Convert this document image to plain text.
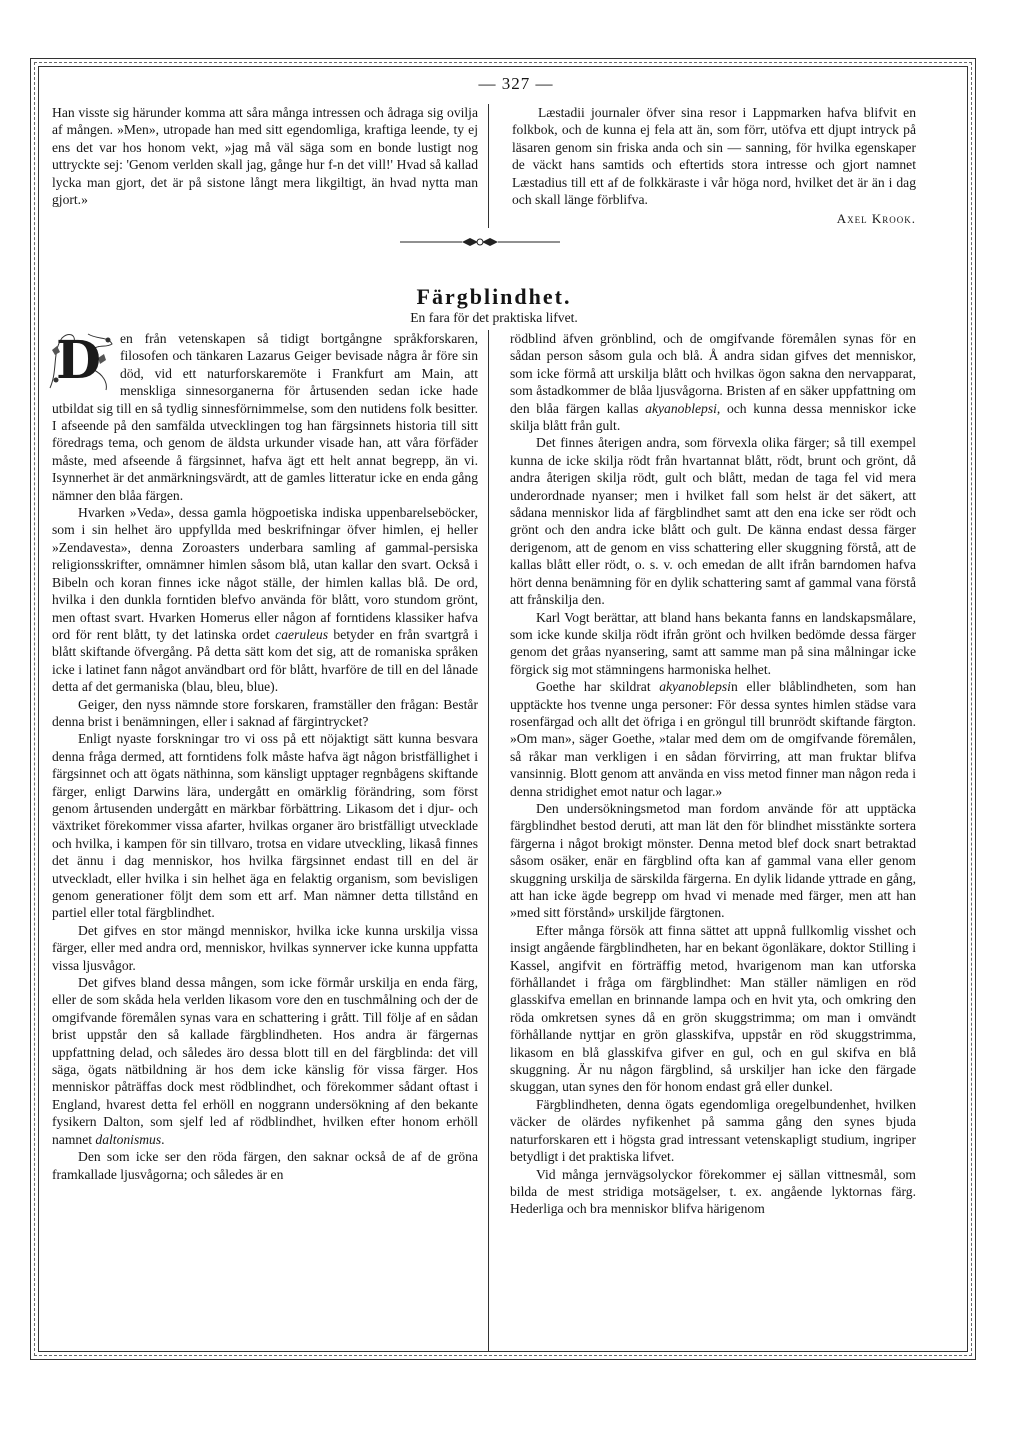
— 327 —

Han visste sig härunder komma att såra många intressen och ådraga sig ovilja af mången. »Men», utropade han med sitt egendomliga, kraftiga leende, ty ej ens det var hos honom vekt, »jag må väl säga som en bonde lustigt nog uttryckte sej: 'Genom verlden skall jag, gånge hur f-n det vill!' Hvad så kallad lycka man gjort, det är på sistone långt mera likgiltigt, än hvad nytta man gjort.»

Læstadii journaler öfver sina resor i Lappmarken hafva blifvit en folkbok, och de kunna ej fela att än, som förr, utöfva ett djupt intryck på läsaren genom sin friska anda och sin — sanning, för hvilka egenskaper de väckt hans samtids och eftertids stora intresse och gjort namnet Læstadius till ett af de folkkäraste i vår höga nord, hvilket det är än i dag och skall länge förblifva.

Axel Krook.
Färgblindhet.
En fara för det praktiska lifvet.

D en från vetenskapen så tidigt bortgångne språkforskaren, filosofen och tänkaren Lazarus Geiger bevisade några år före sin död, vid ett naturforskaremöte i Frankfurt am Main, att menskliga sinnesorganerna för årtusenden sedan icke hade utbildat sig till en så tydlig sinnesförnimmelse, som den nutidens folk besitter. I afseende på den samfälda utvecklingen tog han färgsinnets historia till sitt föredrags tema, och genom de äldsta urkunder visade han, att våra förfäder måste, med afseende å färgsinnet, hafva ägt ett helt annat begrepp, än vi. Isynnerhet är det anmärkningsvärdt, att de gamles litteratur icke en enda gång nämner den blåa färgen.

Hvarken »Veda», dessa gamla högpoetiska indiska uppenbarelseböcker, som i sin helhet äro uppfyllda med beskrifningar öfver himlen, ej heller »Zendavesta», denna Zoroasters underbara samling af gammal-persiska religionsskrifter, omnämner himlen såsom blå, utan kallar den svart. Också i Bibeln och koran finnes icke något ställe, der himlen kallas blå. De ord, hvilka i den dunkla forntiden blefvo använda för blått, voro stundom grönt, men oftast svart. Hvarken Homerus eller någon af forntidens klassiker hafva ord för rent blått, ty det latinska ordet caeruleus betyder en från svartgrå i blått skiftande öfvergång. På detta sätt kom det sig, att de romaniska språken icke i latinet fann något användbart ord för blått, hvarföre de till en del lånade detta af det germaniska (blau, bleu, blue).

Geiger, den nyss nämnde store forskaren, framställer den frågan: Består denna brist i benämningen, eller i saknad af färgintrycket?

Enligt nyaste forskningar tro vi oss på ett nöjaktigt sätt kunna besvara denna fråga dermed, att forntidens folk måste hafva ägt någon bristfällighet i färgsinnet och att ögats näthinna, som känsligt upptager regnbågens skiftande färger, enligt Darwins lära, undergått en omärklig förändring, som först genom årtusenden undergått en märkbar förbättring. Likasom det i djur- och växtriket förekommer vissa afarter, hvilkas organer äro bristfälligt utvecklade och hvilka, i kampen för sin tillvaro, trotsa en vidare utveckling, likaså finnes det ännu i dag menniskor, hos hvilka färgsinnet endast till en del är utveckladt, eller hvilka i sin helhet äga en felaktig organism, som bevisligen genom generationer följt dem som ett arf. Man nämner detta tillstånd en partiel eller total färgblindhet.

Det gifves en stor mängd menniskor, hvilka icke kunna urskilja vissa färger, eller med andra ord, menniskor, hvilkas synnerver icke kunna uppfatta vissa ljusvågor.

Det gifves bland dessa mången, som icke förmår urskilja en enda färg, eller de som skåda hela verlden likasom vore den en tuschmålning och der de omgifvande föremålen synas vara en schattering i grått. Till följe af en sådan brist uppstår den så kallade färgblindheten. Hos andra är färgernas uppfattning delad, och således äro dessa blott till en del färgblinda: det vill säga, ögats nätbildning är hos dem icke känslig för vissa färger. Hos menniskor påträffas dock mest rödblindhet, och förekommer sådant oftast i England, hvarest detta fel erhöll en noggrann undersökning af den bekante fysikern Dalton, som sjelf led af rödblindhet, hvilken efter honom erhöll namnet daltonismus.

Den som icke ser den röda färgen, den saknar också de af de gröna framkallade ljusvågorna; och således är en

rödblind äfven grönblind, och de omgifvande föremålen synas för en sådan person såsom gula och blå. Å andra sidan gifves det menniskor, som icke förmå att urskilja blått och hvilkas ögon sakna den nervapparat, som åstadkommer de blåa ljusvågorna. Bristen af en säker uppfattning om den blåa färgen kallas akyanoblepsi, och kunna dessa menniskor icke skilja blått från gult.

Det finnes återigen andra, som förvexla olika färger; så till exempel kunna de icke skilja rödt från hvartannat blått, rödt, brunt och grönt, då andra återigen skilja rödt, gult och blått, medan de taga fel vid mera underordnade nyanser; men i hvilket fall som helst är det säkert, att sådana menniskor lida af färgblindhet samt att den ena icke ser rödt och grönt och den andra icke blått och gult. De känna endast dessa färger derigenom, att de genom en viss schattering eller skuggning förstå, att de kallas blått eller rödt, o. s. v. och emedan de allt ifrån barndomen hafva hört denna benämning för en dylik schattering samt af gammal vana förstå att frånskilja den.

Karl Vogt berättar, att bland hans bekanta fanns en landskapsmålare, som icke kunde skilja rödt ifrån grönt och hvilken bedömde dessa färger genom det gråas nyansering, samt att samme man på sina målningar icke förgick sig mot stämningens harmoniska helhet.

Goethe har skildrat akyanoblepsin eller blåblindheten, som han upptäckte hos tvenne unga personer: För dessa syntes himlen städse vara rosenfärgad och allt det öfriga i en gröngul till brunrödt skiftande färgton. »Om man», säger Goethe, »talar med dem om de omgifvande föremålen, så råkar man verkligen i en sådan förvirring, att man fruktar blifva vansinnig. Blott genom att använda en viss metod finner man någon reda i denna stridighet emot natur och lagar.»

Den undersökningsmetod man fordom använde för att upptäcka färgblindhet bestod deruti, att man lät den för blindhet misstänkte sortera färgerna i något brokigt mönster. Denna metod blef dock snart betraktad såsom osäker, enär en färgblind ofta kan af gammal vana eller genom skuggning urskilja de särskilda färgerna. En dylik lidande yttrade en gång, att han icke ägde begrepp om hvad vi menade med färger, men att han »med sitt förstånd» urskiljde färgtonen.

Efter många försök att finna sättet att uppnå fullkomlig visshet och insigt angående färgblindheten, har en bekant ögonläkare, doktor Stilling i Kassel, angifvit en förträffig metod, hvarigenom man kan utforska förhållandet i fråga om färgblindhet: Man ställer nämligen en röd glasskifva emellan en brinnande lampa och en hvit yta, och omkring den röda omkretsen synes då en grön skuggstrimma; om man i omvändt förhållande nyttjar en grön glasskifva, uppstår en röd skuggstrimma, likasom en blå glasskifva gifver en gul, och en gul skifva en blå skuggning. Är nu någon färgblind, så urskiljer han icke den färgade skuggan, utan synes den för honom endast grå eller dunkel.

Färgblindheten, denna ögats egendomliga oregelbundenhet, hvilken väcker de olärdes nyfikenhet på samma gång den synes bjuda naturforskaren ett i högsta grad intressant vetenskapligt studium, ingriper betydligt i det praktiska lifvet.

Vid många jernvägsolyckor förekommer ej sällan vittnesmål, som bilda de mest stridiga motsägelser, t. ex. angående lyktornas färg. Hederliga och bra menniskor blifva härigenom
